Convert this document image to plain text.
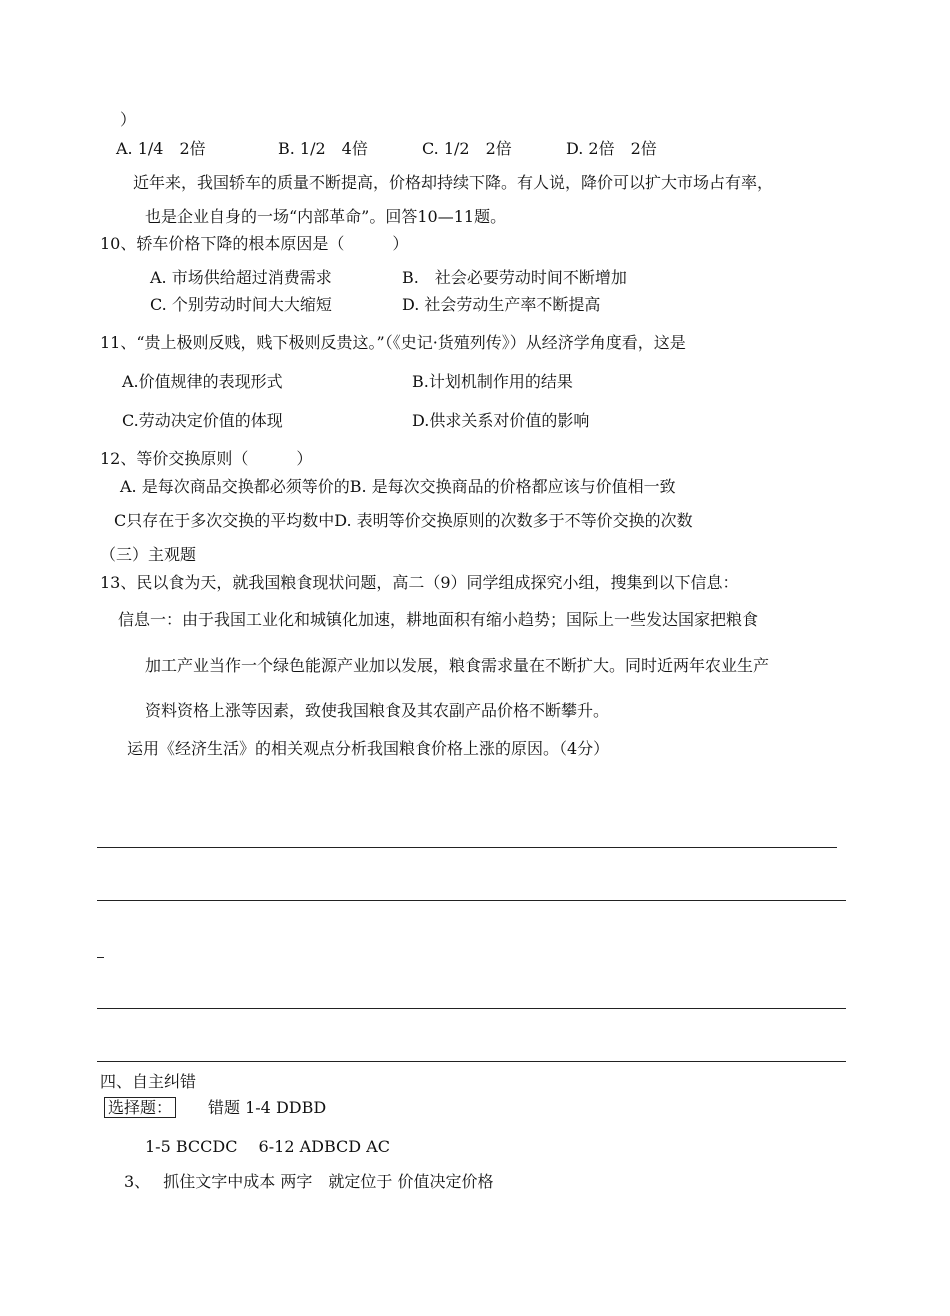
）
A. 1/4　2倍	B. 1/2　4倍	C. 1/2　2倍	D. 2倍　2倍
近年来，我国轿车的质量不断提高，价格却持续下降。有人说，降价可以扩大市场占有率，
也是企业自身的一场“内部革命”。回答10—11题。
10、轿车价格下降的根本原因是（　　　）
A. 市场供给超过消费需求	B.　社会必要劳动时间不断增加
C. 个别劳动时间大大缩短	D. 社会劳动生产率不断提高
11、“贵上极则反贱，贱下极则反贵这。”（《史记·货殖列传》）从经济学角度看，这是
A.价值规律的表现形式	B.计划机制作用的结果
C.劳动决定价值的体现	D.供求关系对价值的影响
12、等价交换原则（　　　）
A. 是每次商品交换都必须等价的B. 是每次交换商品的价格都应该与价值相一致
C只存在于多次交换的平均数中D. 表明等价交换原则的次数多于不等价交换的次数
（三）主观题
13、民以食为天，就我国粮食现状问题，高二（9）同学组成探究小组，搜集到以下信息：
信息一：由于我国工业化和城镇化加速，耕地面积有缩小趋势；国际上一些发达国家把粮食
加工产业当作一个绿色能源产业加以发展，粮食需求量在不断扩大。同时近两年农业生产
资料资格上涨等因素，致使我国粮食及其农副产品价格不断攀升。
运用《经济生活》的相关观点分析我国粮食价格上涨的原因。（4分）
四、自主纠错
选择题： 错题 1-4 DDBD
1-5 BCCDC　 6-12 ADBCD AC
3、　 抓住文字中成本 两字　就定位于 价值决定价格
